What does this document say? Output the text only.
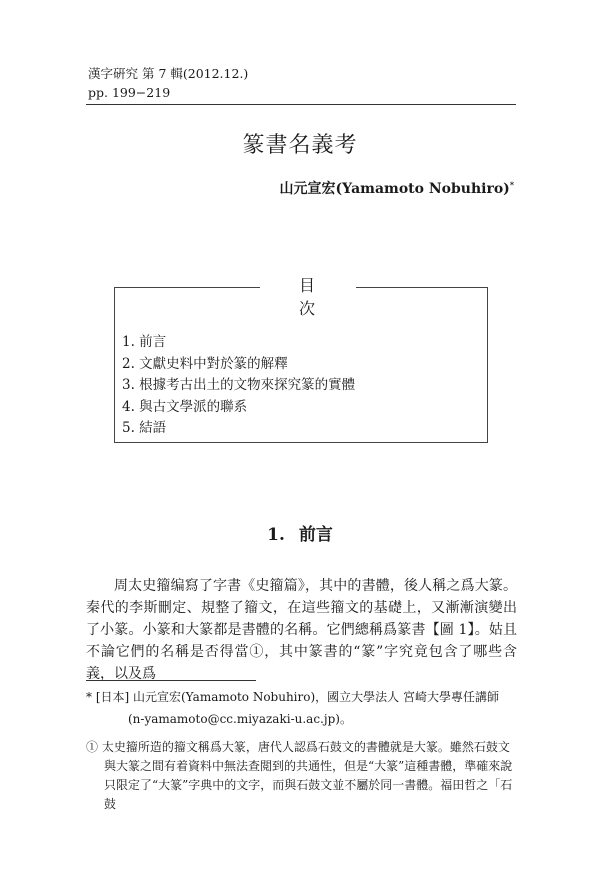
漢字硏究 第 7 輯(2012.12.)
pp. 199−219
篆書名義考
山元宣宏(Yamamoto Nobuhiro)*
目 次
1. 前言
2. 文獻史料中對於篆的解釋
3. 根據考古出土的文物來探究篆的實體
4. 與古文學派的聯系
5. 結語
1. 前言

周太史籀编寫了字書《史籀篇》，其中的書體，後人稱之爲大篆。秦代的李斯刪定、規整了籀文，在這些籀文的基礎上，又漸漸演變出了小篆。小篆和大篆都是書體的名稱。它們總稱爲篆書【圖 1】。姑且不論它們的名稱是否得當①，其中篆書的“篆”字究竟包含了哪些含義，以及爲

* [日本] 山元宣宏(Yamamoto Nobuhiro)，國立大學法人 宮崎大學專任講師

(n-yamamoto@cc.miyazaki-u.ac.jp)。

① 太史籀所造的籀文稱爲大篆，唐代人認爲石鼓文的書體就是大篆。雖然石鼓文與大篆之間有着資料中無法查閲到的共通性，但是“大篆”這種書體，準確來說只限定了“大篆”字典中的文字，而與石鼓文並不屬於同一書體。福田哲之「石鼓
